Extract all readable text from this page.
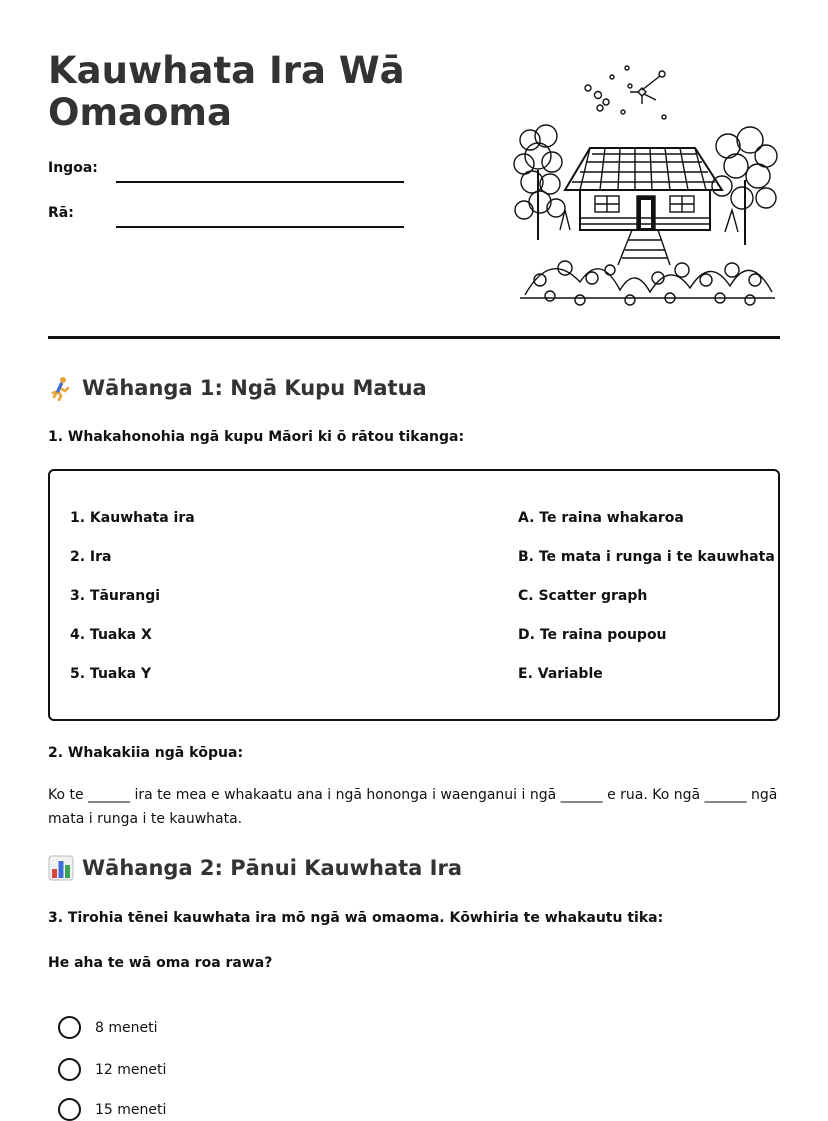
Kauwhata Ira Wā Omaoma
Ingoa:
Rā:
Wāhanga 1: Ngā Kupu Matua
1. Whakahonohia ngā kupu Māori ki ō rātou tikanga:
1. Kauwhata ira
2. Ira
3. Tāurangi
4. Tuaka X
5. Tuaka Y
A. Te raina whakaroa
B. Te mata i runga i te kauwhata
C. Scatter graph
D. Te raina poupou
E. Variable
2. Whakakiia ngā kōpua:
Ko te ______ ira te mea e whakaatu ana i ngā hononga i waenganui i ngā ______ e rua. Ko ngā ______ ngā mata i runga i te kauwhata.
Wāhanga 2: Pānui Kauwhata Ira
3. Tirohia tēnei kauwhata ira mō ngā wā omaoma. Kōwhiria te whakautu tika:
He aha te wā oma roa rawa?
8 meneti
12 meneti
15 meneti
